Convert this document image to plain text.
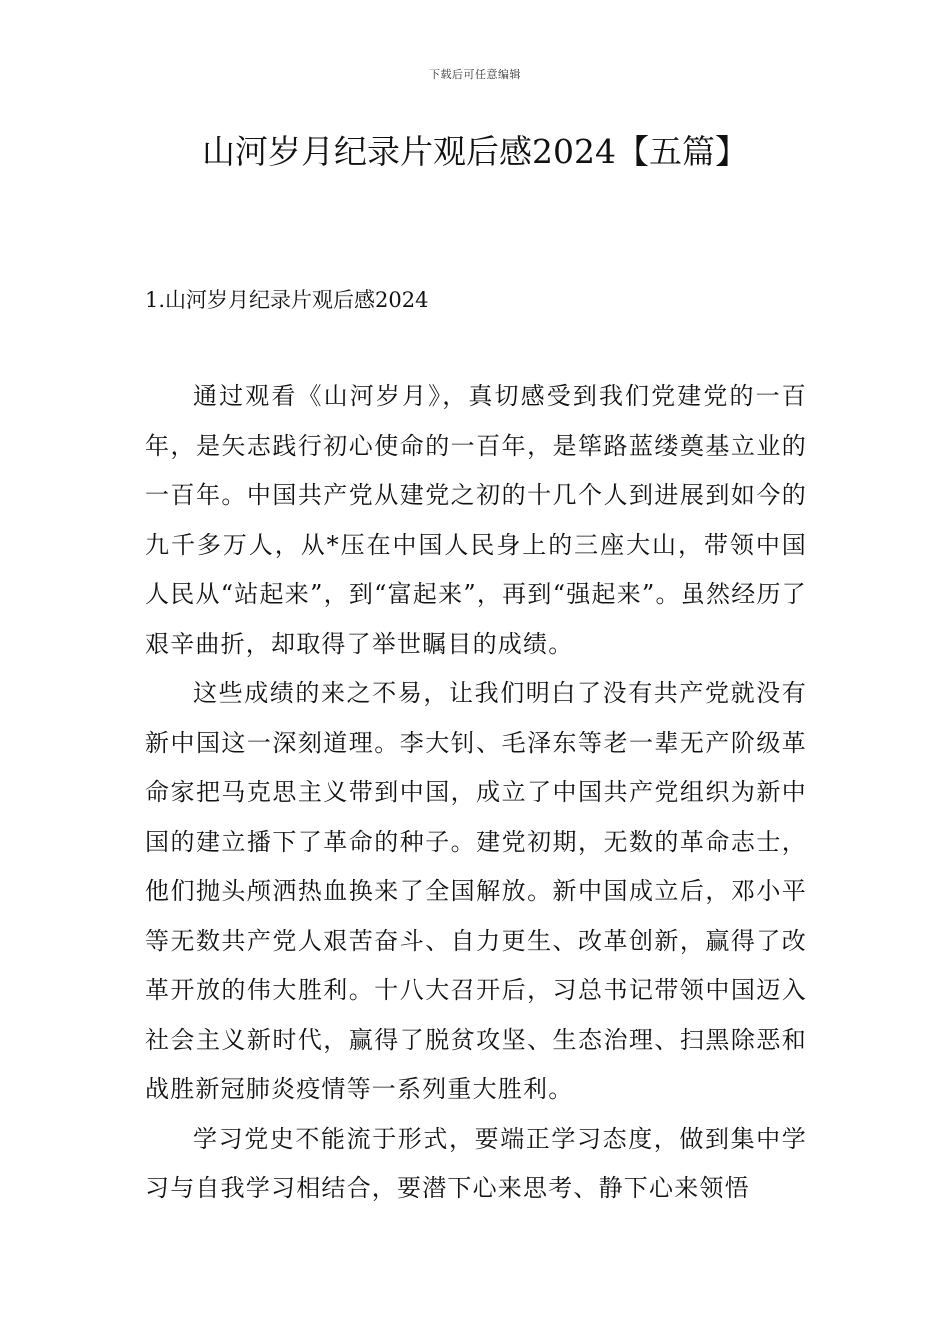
下载后可任意编辑
山河岁月纪录片观后感2024【五篇】
1.山河岁月纪录片观后感2024

通过观看《山河岁月》，真切感受到我们党建党的一百年，是矢志践行初心使命的一百年，是筚路蓝缕奠基立业的一百年。中国共产党从建党之初的十几个人到进展到如今的九千多万人，从*压在中国人民身上的三座大山，带领中国人民从“站起来”，到“富起来”，再到“强起来”。虽然经历了艰辛曲折，却取得了举世瞩目的成绩。

这些成绩的来之不易，让我们明白了没有共产党就没有新中国这一深刻道理。李大钊、毛泽东等老一辈无产阶级革命家把马克思主义带到中国，成立了中国共产党组织为新中国的建立播下了革命的种子。建党初期，无数的革命志士，他们抛头颅洒热血换来了全国解放。新中国成立后，邓小平等无数共产党人艰苦奋斗、自力更生、改革创新，赢得了改革开放的伟大胜利。十八大召开后，习总书记带领中国迈入社会主义新时代，赢得了脱贫攻坚、生态治理、扫黑除恶和战胜新冠肺炎疫情等一系列重大胜利。

学习党史不能流于形式，要端正学习态度，做到集中学习与自我学习相结合，要潜下心来思考、静下心来领悟
